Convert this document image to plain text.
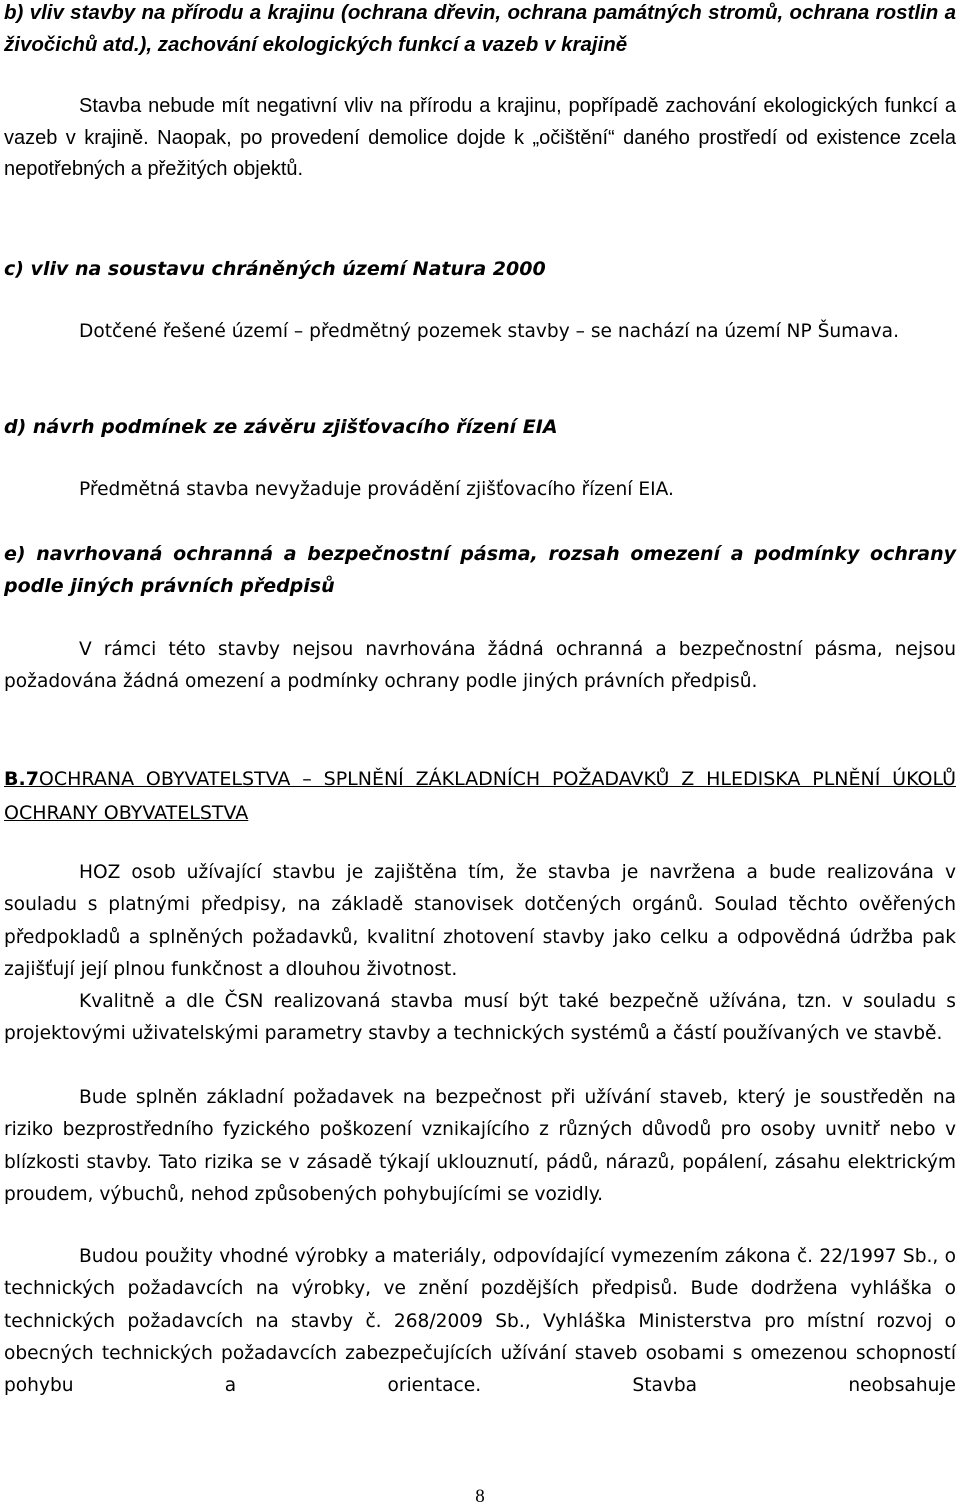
b) vliv stavby na přírodu a krajinu (ochrana dřevin, ochrana památných stromů, ochrana rostlin a živočichů atd.), zachování ekologických funkcí a vazeb v krajině

Stavba nebude mít negativní vliv na přírodu a krajinu, popřípadě zachování ekologických funkcí a vazeb v krajině. Naopak, po provedení demolice dojde k „očištění“ daného prostředí od existence zcela nepotřebných a přežitých objektů.

c) vliv na soustavu chráněných území Natura 2000

Dotčené řešené území – předmětný pozemek stavby – se nachází na území NP Šumava.

d) návrh podmínek ze závěru zjišťovacího řízení EIA

Předmětná stavba nevyžaduje provádění zjišťovacího řízení EIA.

e) navrhovaná ochranná a bezpečnostní pásma, rozsah omezení a podmínky ochrany podle jiných právních předpisů

V rámci této stavby nejsou navrhována žádná ochranná a bezpečnostní pásma, nejsou požadována žádná omezení a podmínky ochrany podle jiných právních předpisů.

B.7OCHRANA OBYVATELSTVA – SPLNĚNÍ ZÁKLADNÍCH POŽADAVKŮ Z HLEDISKA PLNĚNÍ ÚKOLŮ OCHRANY OBYVATELSTVA

HOZ osob užívající stavbu je zajištěna tím, že stavba je navržena a bude realizována v souladu s platnými předpisy, na základě stanovisek dotčených orgánů. Soulad těchto ověřených předpokladů a splněných požadavků, kvalitní zhotovení stavby jako celku a odpovědná údržba pak zajišťují její plnou funkčnost a dlouhou životnost.

Kvalitně a dle ČSN realizovaná stavba musí být také bezpečně užívána, tzn. v souladu s projektovými uživatelskými parametry stavby a technických systémů a částí používaných ve stavbě.

Bude splněn základní požadavek na bezpečnost při užívání staveb, který je soustředěn na riziko bezprostředního fyzického poškození vznikajícího z různých důvodů pro osoby uvnitř nebo v blízkosti stavby. Tato rizika se v zásadě týkají uklouznutí, pádů, nárazů, popálení, zásahu elektrickým proudem, výbuchů, nehod způsobených pohybujícími se vozidly.

Budou použity vhodné výrobky a materiály, odpovídající vymezením zákona č. 22/1997 Sb., o technických požadavcích na výrobky, ve znění pozdějších předpisů. Bude dodržena vyhláška o technických požadavcích na stavby č. 268/2009 Sb., Vyhláška Ministerstva pro místní rozvoj o obecných technických požadavcích zabezpečujících užívání staveb osobami s omezenou schopností pohybu a orientace. Stavba neobsahuje

8
